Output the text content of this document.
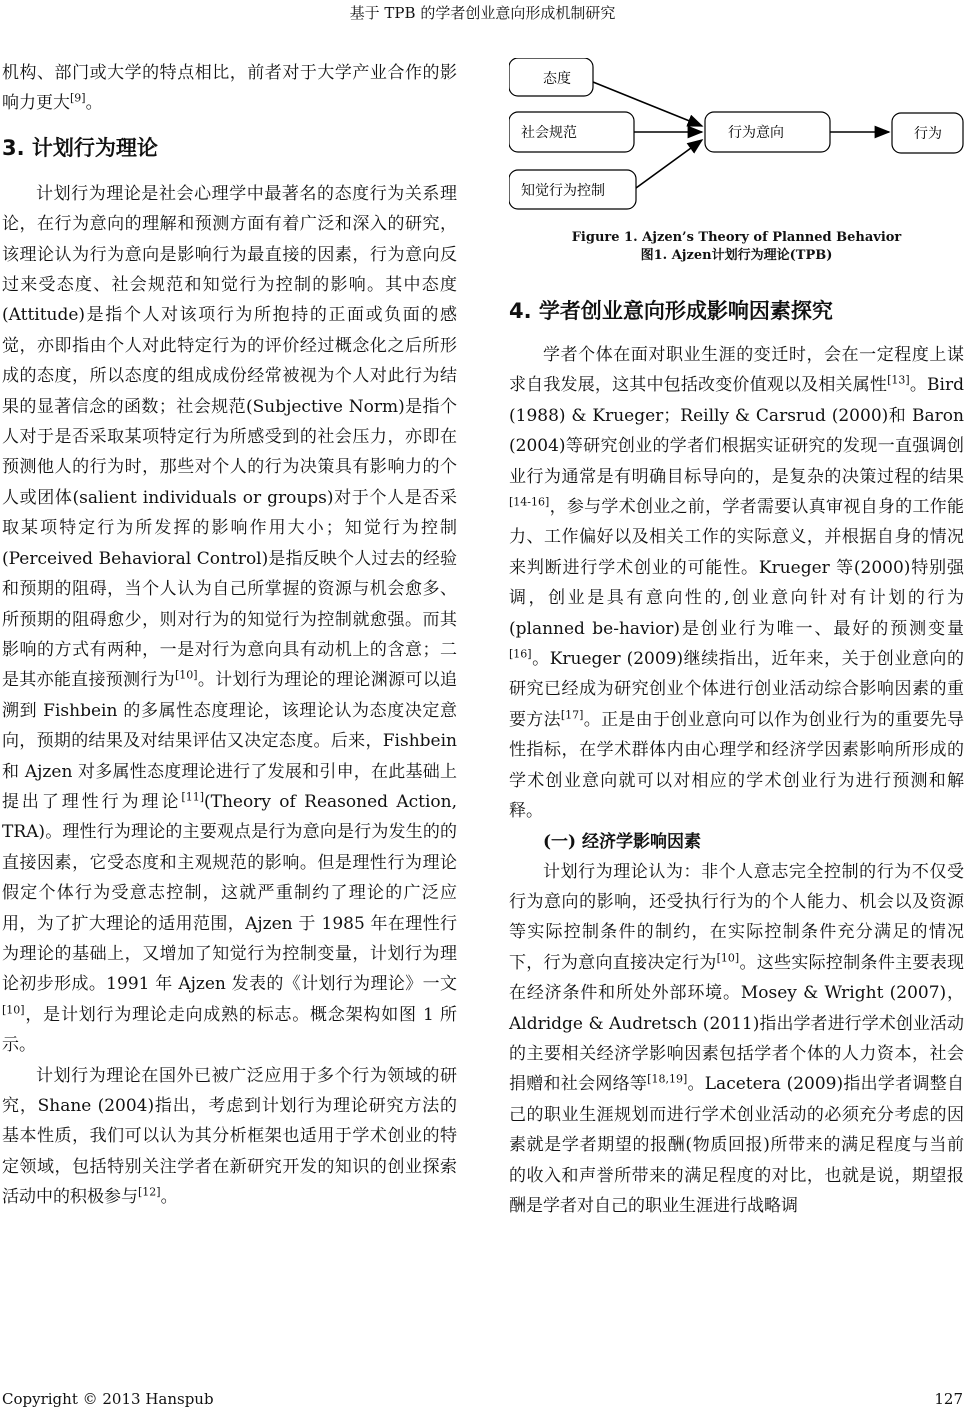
基于 TPB 的学者创业意向形成机制研究

机构、部门或大学的特点相比，前者对于大学产业合作的影响力更大[9]。

3. 计划行为理论

计划行为理论是社会心理学中最著名的态度行为关系理论，在行为意向的理解和预测方面有着广泛和深入的研究，该理论认为行为意向是影响行为最直接的因素，行为意向反过来受态度、社会规范和知觉行为控制的影响。其中态度(Attitude)是指个人对该项行为所抱持的正面或负面的感觉，亦即指由个人对此特定行为的评价经过概念化之后所形成的态度，所以态度的组成成份经常被视为个人对此行为结果的显著信念的函数；社会规范(Subjective Norm)是指个人对于是否采取某项特定行为所感受到的社会压力，亦即在预测他人的行为时，那些对个人的行为决策具有影响力的个人或团体(salient individuals or groups)对于个人是否采取某项特定行为所发挥的影响作用大小；知觉行为控制(Perceived Behavioral Control)是指反映个人过去的经验和预期的阻碍，当个人认为自己所掌握的资源与机会愈多、所预期的阻碍愈少，则对行为的知觉行为控制就愈强。而其影响的方式有两种，一是对行为意向具有动机上的含意；二是其亦能直接预测行为[10]。计划行为理论的理论渊源可以追溯到 Fishbein 的多属性态度理论，该理论认为态度决定意向，预期的结果及对结果评估又决定态度。后来，Fishbein 和 Ajzen 对多属性态度理论进行了发展和引申，在此基础上提出了理性行为理论[11](Theory of Reasoned Action, TRA)。理性行为理论的主要观点是行为意向是行为发生的的直接因素，它受态度和主观规范的影响。但是理性行为理论假定个体行为受意志控制，这就严重制约了理论的广泛应用，为了扩大理论的适用范围，Ajzen 于 1985 年在理性行为理论的基础上，又增加了知觉行为控制变量，计划行为理论初步形成。1991 年 Ajzen 发表的《计划行为理论》一文[10]，是计划行为理论走向成熟的标志。概念架构如图 1 所示。

计划行为理论在国外已被广泛应用于多个行为领域的研究，Shane (2004)指出，考虑到计划行为理论研究方法的基本性质，我们可以认为其分析框架也适用于学术创业的特定领域，包括特别关注学者在新研究开发的知识的创业探索活动中的积极参与[12]。

态度
社会规范
知觉行为控制
行为意向	行为

Figure 1. Ajzen’s Theory of Planned Behavior

图1. Ajzen计划行为理论(TPB)

4. 学者创业意向形成影响因素探究

学者个体在面对职业生涯的变迁时，会在一定程度上谋求自我发展，这其中包括改变价值观以及相关属性[13]。Bird (1988) & Krueger；Reilly & Carsrud (2000)和 Baron (2004)等研究创业的学者们根据实证研究的发现一直强调创业行为通常是有明确目标导向的，是复杂的决策过程的结果[14-16]，参与学术创业之前，学者需要认真审视自身的工作能力、工作偏好以及相关工作的实际意义，并根据自身的情况来判断进行学术创业的可能性。Krueger 等(2000)特别强调，创业是具有意向性的,创业意向针对有计划的行为(planned be-havior)是创业行为唯一、最好的预测变量[16]。Krueger (2009)继续指出，近年来，关于创业意向的研究已经成为研究创业个体进行创业活动综合影响因素的重要方法[17]。正是由于创业意向可以作为创业行为的重要先导性指标，在学术群体内由心理学和经济学因素影响所形成的学术创业意向就可以对相应的学术创业行为进行预测和解释。

(一) 经济学影响因素

计划行为理论认为：非个人意志完全控制的行为不仅受行为意向的影响，还受执行行为的个人能力、机会以及资源等实际控制条件的制约，在实际控制条件充分满足的情况下，行为意向直接决定行为[10]。这些实际控制条件主要表现在经济条件和所处外部环境。Mosey & Wright (2007)，Aldridge & Audretsch (2011)指出学者进行学术创业活动的主要相关经济学影响因素包括学者个体的人力资本，社会捐赠和社会网络等[18,19]。Lacetera (2009)指出学者调整自己的职业生涯规划而进行学术创业活动的必须充分考虑的因素就是学者期望的报酬(物质回报)所带来的满足程度与当前的收入和声誉所带来的满足程度的对比，也就是说，期望报酬是学者对自己的职业生涯进行战略调

Copyright © 2013 Hanspub	127
